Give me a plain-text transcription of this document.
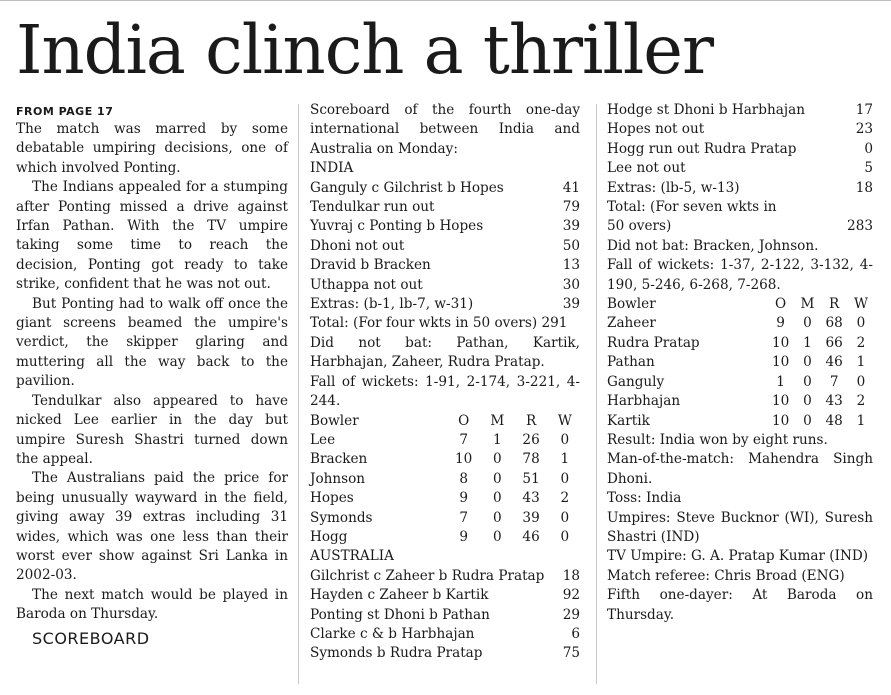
India clinch a thriller
FROM PAGE 17

The match was marred by some debatable umpiring decisions, one of which involved Ponting.

The Indians appealed for a stumping after Ponting missed a drive against Irfan Pathan. With the TV umpire taking some time to reach the decision, Ponting got ready to take strike, confident that he was not out.

But Ponting had to walk off once the giant screens beamed the umpire's verdict, the skipper glaring and muttering all the way back to the pavilion.

Tendulkar also appeared to have nicked Lee earlier in the day but umpire Suresh Shastri turned down the appeal.

The Australians paid the price for being unusually wayward in the field, giving away 39 extras including 31 wides, which was one less than their worst ever show against Sri Lanka in 2002-03.

The next match would be played in Baroda on Thursday.

SCOREBOARD

Scoreboard of the fourth one-day international between India and Australia on Monday:

INDIA
Ganguly c Gilchrist b Hopes	41
Tendulkar run out	79
Yuvraj c Ponting b Hopes	39
Dhoni not out	50
Dravid b Bracken	13
Uthappa not out	30
Extras: (b-1, lb-7, w-31)	39
Total: (For four wkts in 50 overs) 291

Did not bat: Pathan, Kartik, Harbhajan, Zaheer, Rudra Pratap.

Fall of wickets: 1-91, 2-174, 3-221, 4-244.

Bowler	O	M	R	W
Lee	7	1	26	0
Bracken	10	0	78	1
Johnson	8	0	51	0
Hopes	9	0	43	2
Symonds	7	0	39	0
Hogg	9	0	46	0
AUSTRALIA
Gilchrist c Zaheer b Rudra Pratap 18
Hayden c Zaheer b Kartik	92
Ponting st Dhoni b Pathan	29
Clarke c & b Harbhajan	6
Symonds b Rudra Pratap	75
Hodge st Dhoni b Harbhajan	17
Hopes not out	23
Hogg run out Rudra Pratap	0
Lee not out	5
Extras: (lb-5, w-13)	18
Total: (For seven wkts in
50 overs)	283

Did not bat: Bracken, Johnson.

Fall of wickets: 1-37, 2-122, 3-132, 4-190, 5-246, 6-268, 7-268.

Bowler	O	M	R	W
Zaheer	9	0	68	0
Rudra Pratap	10	1	66	2
Pathan	10	0	46	1
Ganguly	1	0	7	0
Harbhajan	10	0	43	2
Kartik	10	0	48	1

Result: India won by eight runs.

Man-of-the-match: Mahendra Singh Dhoni.

Toss: India

Umpires: Steve Bucknor (WI), Suresh Shastri (IND)

TV Umpire: G. A. Pratap Kumar (IND)

Match referee: Chris Broad (ENG)

Fifth one-dayer: At Baroda on Thursday.
